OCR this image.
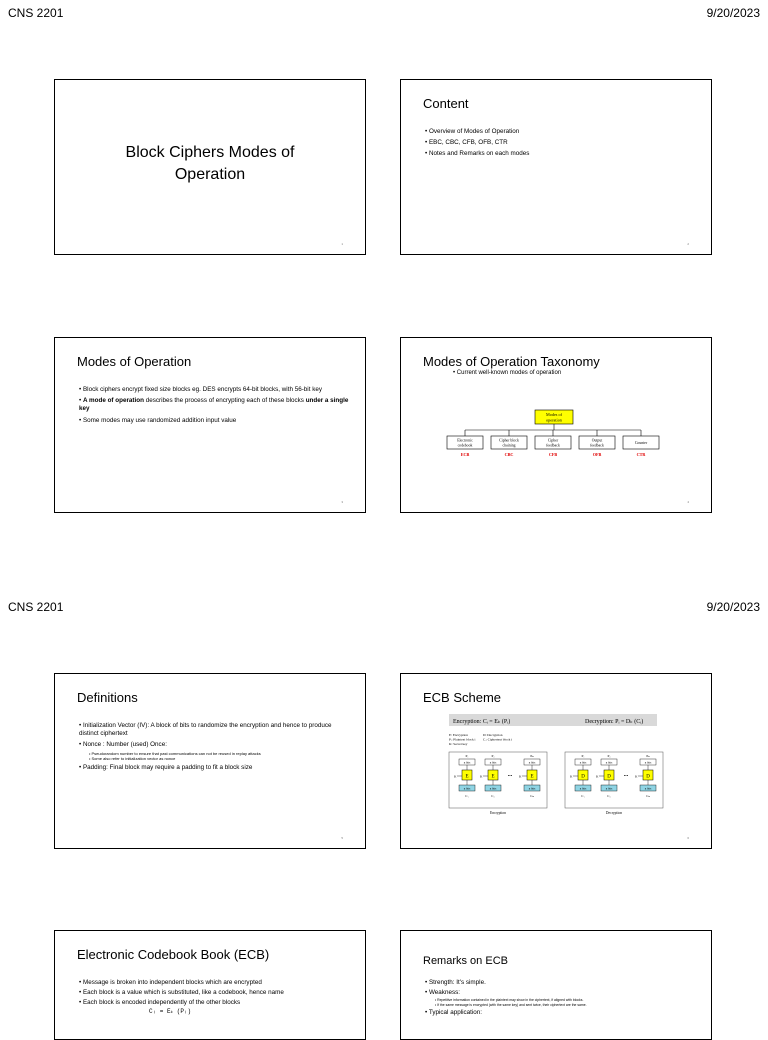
CNS 2201	9/20/2023
CNS 2201	9/20/2023
Block Ciphers Modes of
Operation
1
Content
• Overview of Modes of Operation
• EBC, CBC, CFB, OFB, CTR
• Notes and Remarks on each modes
2
Modes of Operation
• Block ciphers encrypt fixed size blocks eg. DES encrypts 64-bit blocks, with 56-bit key
• A mode of operation describes the process of encrypting each of these blocks under a single key
• Some modes may use randomized addition input value
3
Modes of Operation Taxonomy
• Current well-known modes of operation
Modes of
operation
Electronic
codebook
ECB
Cipher block
chaining
CBC
Cipher
feedback
CFB
Output
feedback
OFB
Counter
CTR
4
Definitions
• Initialization Vector (IV): A block of bits to randomize the encryption and hence to produce distinct ciphertext
• Nonce : Number (used) Once:
• Pseudorandom number to ensure that past communications can not be reused in replay attacks
• Some also refer to initialization vector as nonce
• Padding: Final block may require a padding to fit a block size
5
ECB Scheme
Encryption: Cᵢ = Eₖ (Pᵢ)	Decryption: Pᵢ = Dₖ (Cᵢ)
E: Encryption	D: Decryption
Pᵢ: Plaintext block i Cᵢ: Ciphertext block i
K: Secret key
P₁
n bits
K E
n bits
C₁
P₂
n bits
K E
n bits
C₂
•••
Pₙ
n bits
K E
n bits
Cₙ
Encryption
P₁
n bits
K D
n bits
C₁
P₂
n bits
K D
n bits
C₂
•••
Pₙ
n bits
K D
n bits
Cₙ
Decryption
6
Electronic Codebook Book (ECB)
• Message is broken into independent blocks which are encrypted
• Each block is a value which is substituted, like a codebook, hence name
• Each block is encoded independently of the other blocks
Cᵢ = Eₖ (Pᵢ)
Remarks on ECB
• Strength: It's simple.
• Weakness:
• Repetitive information contained in the plaintext may show in the ciphertext, if aligned with blocks.
• If the same message is encrypted (with the same key) and sent twice, their ciphertext are the same.
• Typical application:
